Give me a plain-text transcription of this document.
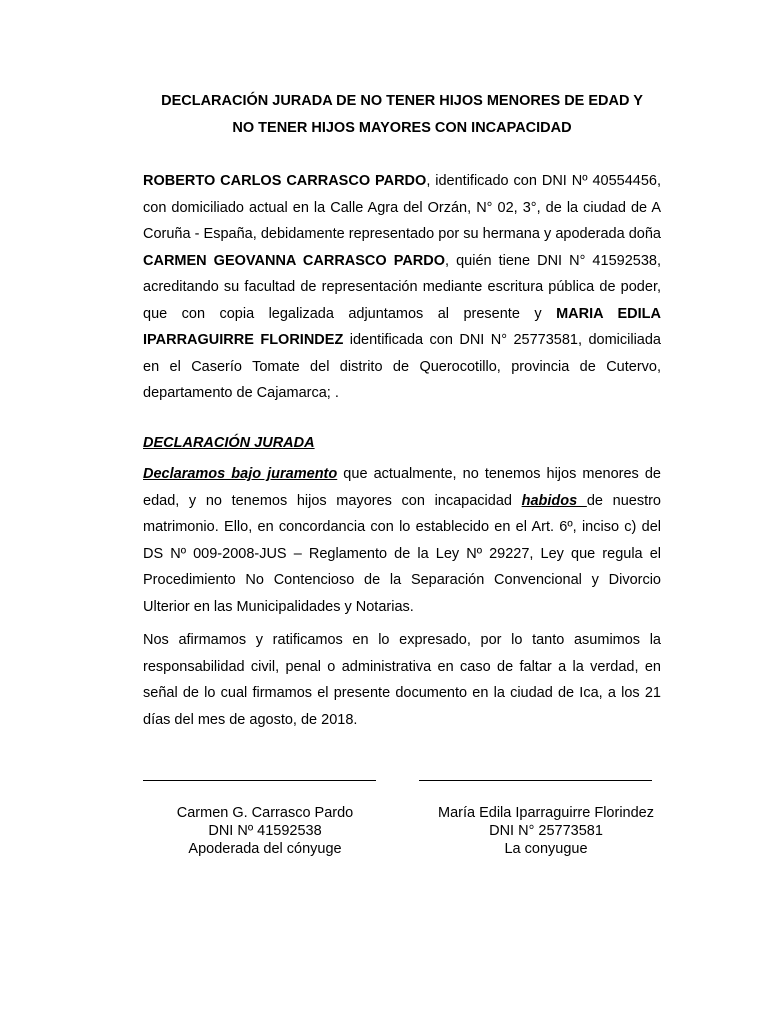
DECLARACIÓN JURADA DE NO TENER HIJOS MENORES DE EDAD Y
NO TENER HIJOS MAYORES CON INCAPACIDAD
ROBERTO CARLOS CARRASCO PARDO, identificado con DNI Nº 40554456, con domiciliado actual en la Calle Agra del Orzán, N° 02, 3°, de la ciudad de A Coruña - España, debidamente representado por su hermana y apoderada doña CARMEN GEOVANNA CARRASCO PARDO, quién tiene DNI N° 41592538, acreditando su facultad de representación mediante escritura pública de poder, que con copia legalizada adjuntamos al presente y MARIA EDILA IPARRAGUIRRE FLORINDEZ identificada con DNI N° 25773581, domiciliada en el Caserío Tomate del distrito de Querocotillo, provincia de Cutervo, departamento de Cajamarca; .
DECLARACIÓN JURADA
Declaramos bajo juramento que actualmente, no tenemos hijos menores de edad, y no tenemos hijos mayores con incapacidad habidos de nuestro matrimonio. Ello, en concordancia con lo establecido en el Art. 6º, inciso c) del DS Nº 009-2008-JUS – Reglamento de la Ley Nº 29227, Ley que regula el Procedimiento No Contencioso de la Separación Convencional y Divorcio Ulterior en las Municipalidades y Notarias.
Nos afirmamos y ratificamos en lo expresado, por lo tanto asumimos la responsabilidad civil, penal o administrativa en caso de faltar a la verdad, en señal de lo cual firmamos el presente documento en la ciudad de Ica, a los 21 días del mes de agosto, de 2018.
Carmen G. Carrasco Pardo
DNI Nº 41592538
Apoderada del cónyuge
María Edila Iparraguirre Florindez
DNI N° 25773581
La conyugue
